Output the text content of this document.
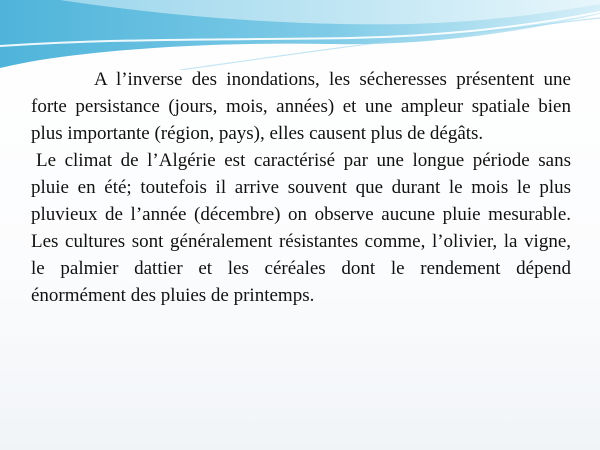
A l’inverse des inondations, les sécheresses présentent une forte persistance (jours, mois, années) et une ampleur spatiale bien plus importante (région, pays), elles causent plus de dégâts.

Le climat de l’Algérie est caractérisé par une longue période sans pluie en été; toutefois il arrive souvent que durant le mois le plus pluvieux de l’année (décembre) on observe aucune pluie mesurable. Les cultures sont généralement résistantes comme, l’olivier, la vigne, le palmier dattier et les céréales dont le rendement dépend énormément des pluies de printemps.
